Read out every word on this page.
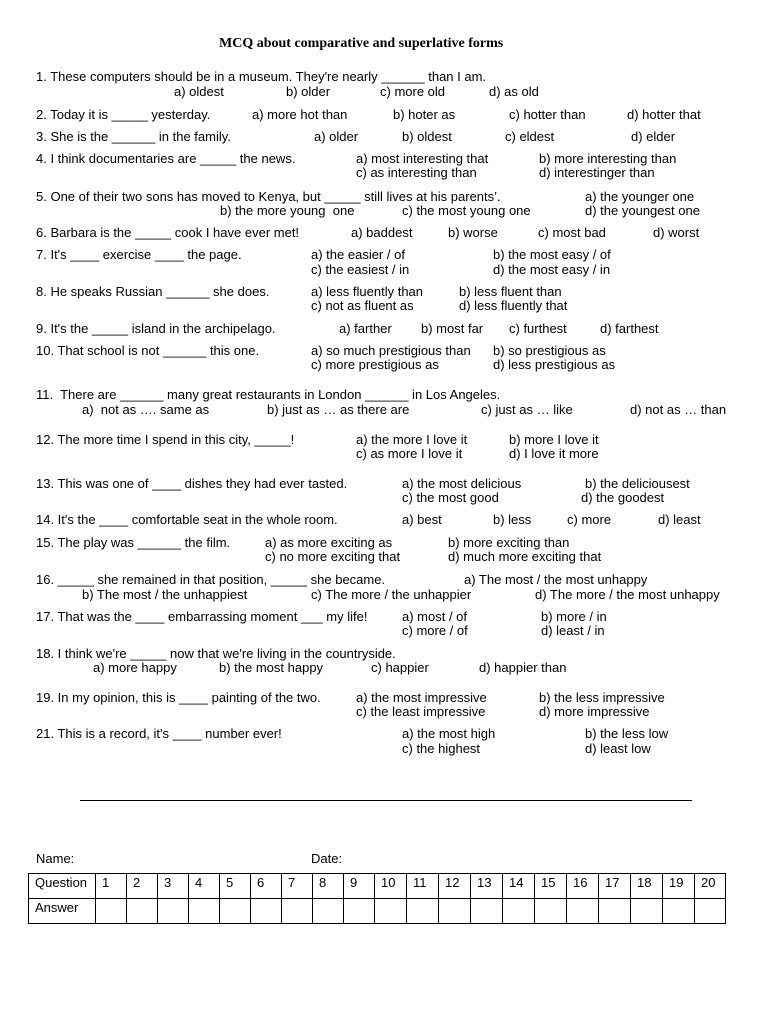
MCQ about comparative and superlative forms
1. These computers should be in a museum. They're nearly ______ than I am.
a) oldest	b) older	c) more old	d) as old
2. Today it is _____ yesterday.	a) more hot than	b) hoter as	c) hotter than	d) hotter that
3. She is the ______ in the family.	a) older	b) oldest	c) eldest	d) elder
4. I think documentaries are _____ the news.	a) most interesting that	b) more interesting than
c) as interesting than	d) interestinger than
5. One of their two sons has moved to Kenya, but _____ still lives at his parents’.	a) the younger one
b) the more young  one	c) the most young one	d) the youngest one
6. Barbara is the _____ cook I have ever met!	a) baddest	b) worse	c) most bad	d) worst
7. It's ____ exercise ____ the page.	a) the easier / of	b) the most easy / of
c) the easiest / in	d) the most easy / in
8. He speaks Russian ______ she does.	a) less fluently than	b) less fluent than
c) not as fluent as	d) less fluently that
9. It's the _____ island in the archipelago.	a) farther b) most far c) furthest	d) farthest
10. That school is not ______ this one.	a) so much prestigious than b) so prestigious as
c) more prestigious as	d) less prestigious as
11.  There are ______ many great restaurants in London ______ in Los Angeles.
a)  not as …. same as	b) just as … as there are	c) just as … like	d) not as … than
12. The more time I spend in this city, _____!	a) the more I love it	b) more I love it
c) as more I love it	d) I love it more
13. This was one of ____ dishes they had ever tasted.	a) the most delicious	b) the deliciousest
c) the most good	d) the goodest
14. It's the ____ comfortable seat in the whole room.	a) best	b) less	c) more	d) least
15. The play was ______ the film.	a) as more exciting as	b) more exciting than
c) no more exciting that	d) much more exciting that
16. _____ she remained in that position, _____ she became.	a) The most / the most unhappy
b) The most / the unhappiest	c) The more / the unhappier	d) The more / the most unhappy
17. That was the ____ embarrassing moment ___ my life!	a) most / of	b) more / in
c) more / of	d) least / in
18. I think we're _____ now that we're living in the countryside.
a) more happy	b) the most happy	c) happier	d) happier than
19. In my opinion, this is ____ painting of the two.	a) the most impressive	b) the less impressive
c) the least impressive	d) more impressive
21. This is a record, it's ____ number ever!	a) the most high	b) the less low
c) the highest	d) least low
Name:	Date:
Question	1	2	3	4	5	6	7	8	9	10	11	12	13	14	15	16	17	18	19	20
Answer																				
